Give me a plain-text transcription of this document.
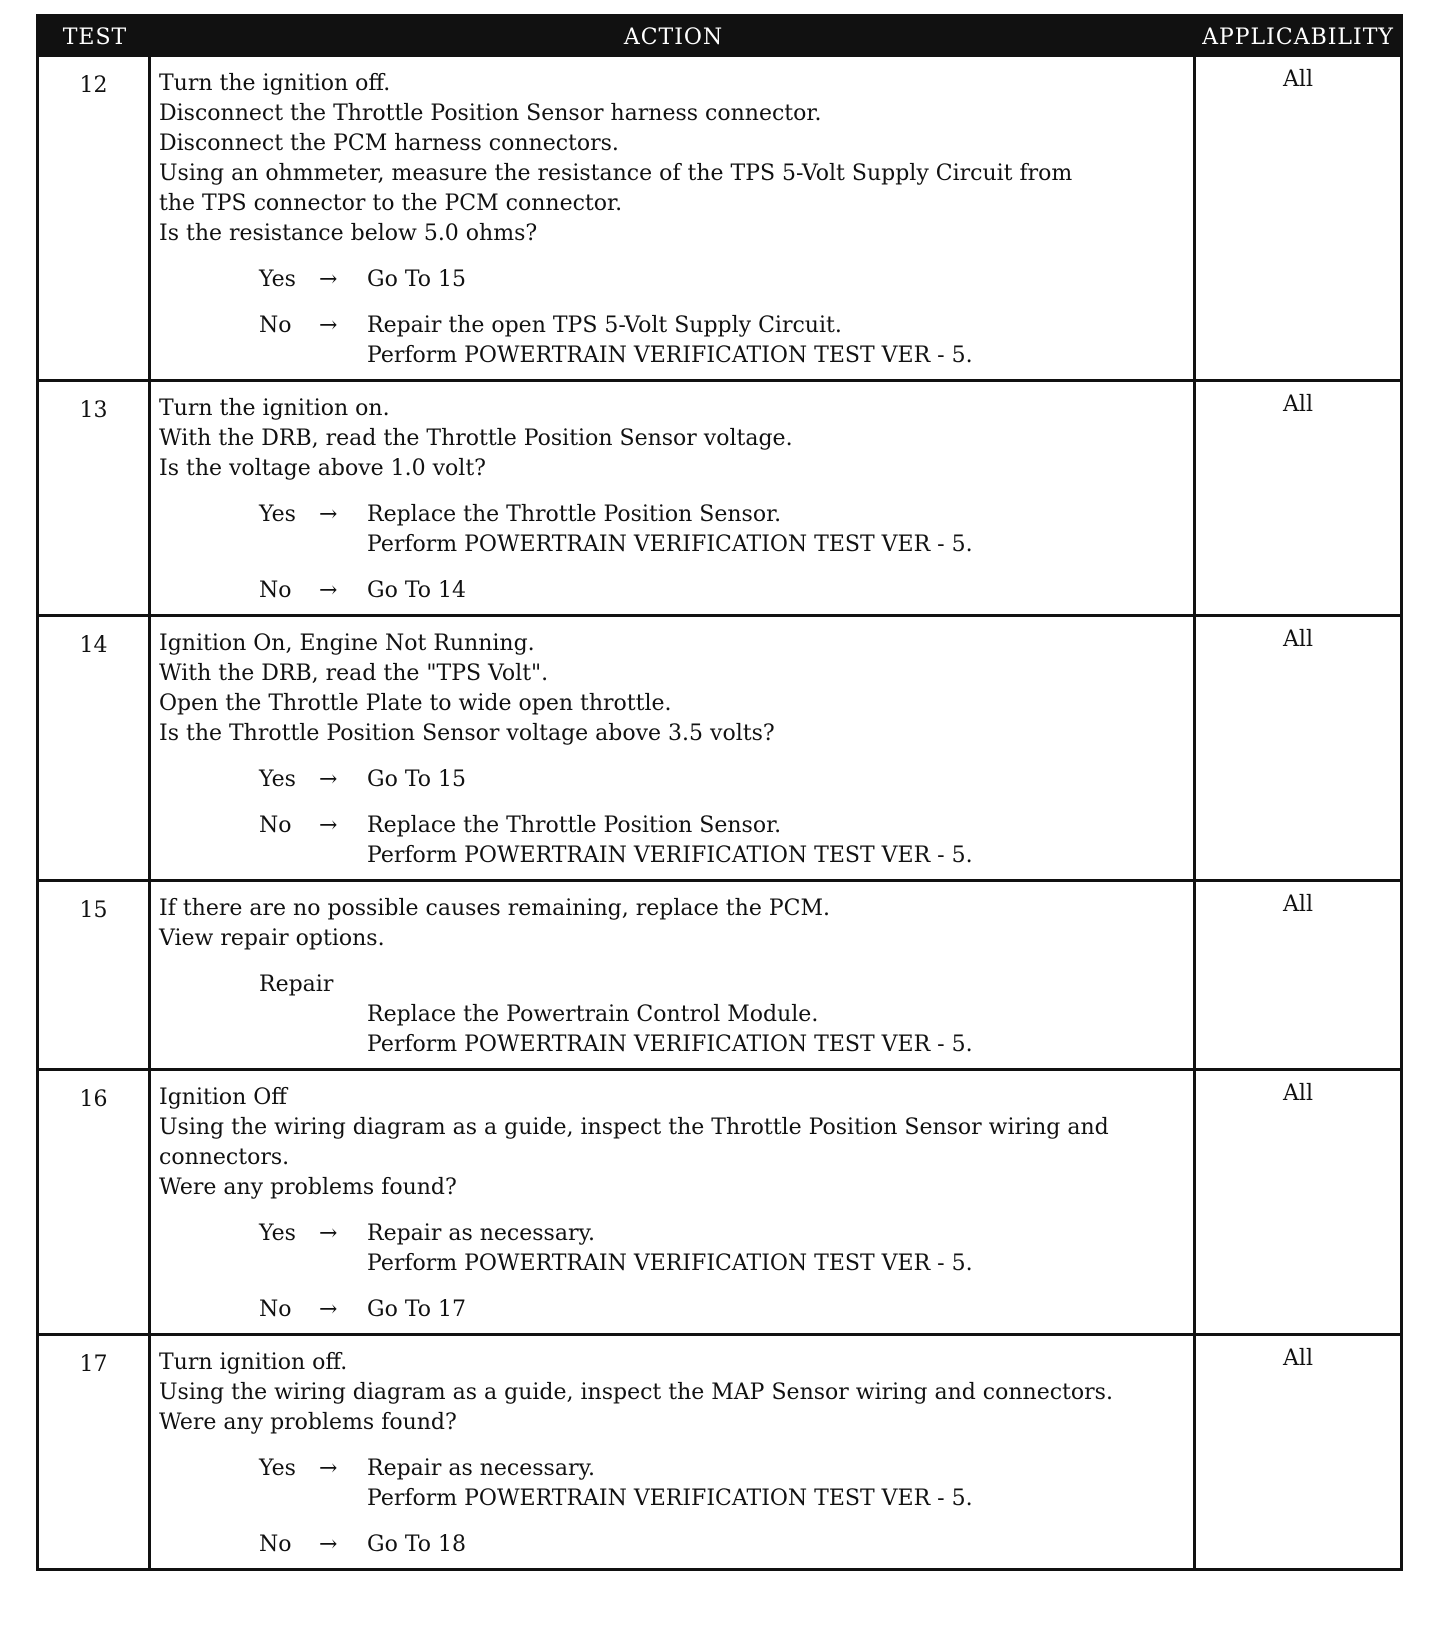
TEST	ACTION	APPLICABILITY
12	Turn the ignition off.
Disconnect the Throttle Position Sensor harness connector.
Disconnect the PCM harness connectors.
Using an ohmmeter, measure the resistance of the TPS 5-Volt Supply Circuit from
the TPS connector to the PCM connector.
Is the resistance below 5.0 ohms?
Yes	→	Go To 15
No	→	Repair the open TPS 5-Volt Supply Circuit.
Perform POWERTRAIN VERIFICATION TEST VER - 5.
All
13	Turn the ignition on.
With the DRB, read the Throttle Position Sensor voltage.
Is the voltage above 1.0 volt?
Yes	→	Replace the Throttle Position Sensor.
Perform POWERTRAIN VERIFICATION TEST VER - 5.
No	→	Go To 14
All
14	Ignition On, Engine Not Running.
With the DRB, read the "TPS Volt".
Open the Throttle Plate to wide open throttle.
Is the Throttle Position Sensor voltage above 3.5 volts?
Yes	→	Go To 15
No	→	Replace the Throttle Position Sensor.
Perform POWERTRAIN VERIFICATION TEST VER - 5.
All
15	If there are no possible causes remaining, replace the PCM.
View repair options.
Repair
Replace the Powertrain Control Module.
Perform POWERTRAIN VERIFICATION TEST VER - 5.
All
16	Ignition Off
Using the wiring diagram as a guide, inspect the Throttle Position Sensor wiring and
connectors.
Were any problems found?
Yes	→	Repair as necessary.
Perform POWERTRAIN VERIFICATION TEST VER - 5.
No	→	Go To 17
All
17	Turn ignition off.
Using the wiring diagram as a guide, inspect the MAP Sensor wiring and connectors.
Were any problems found?
Yes	→	Repair as necessary.
Perform POWERTRAIN VERIFICATION TEST VER - 5.
No	→	Go To 18
All
